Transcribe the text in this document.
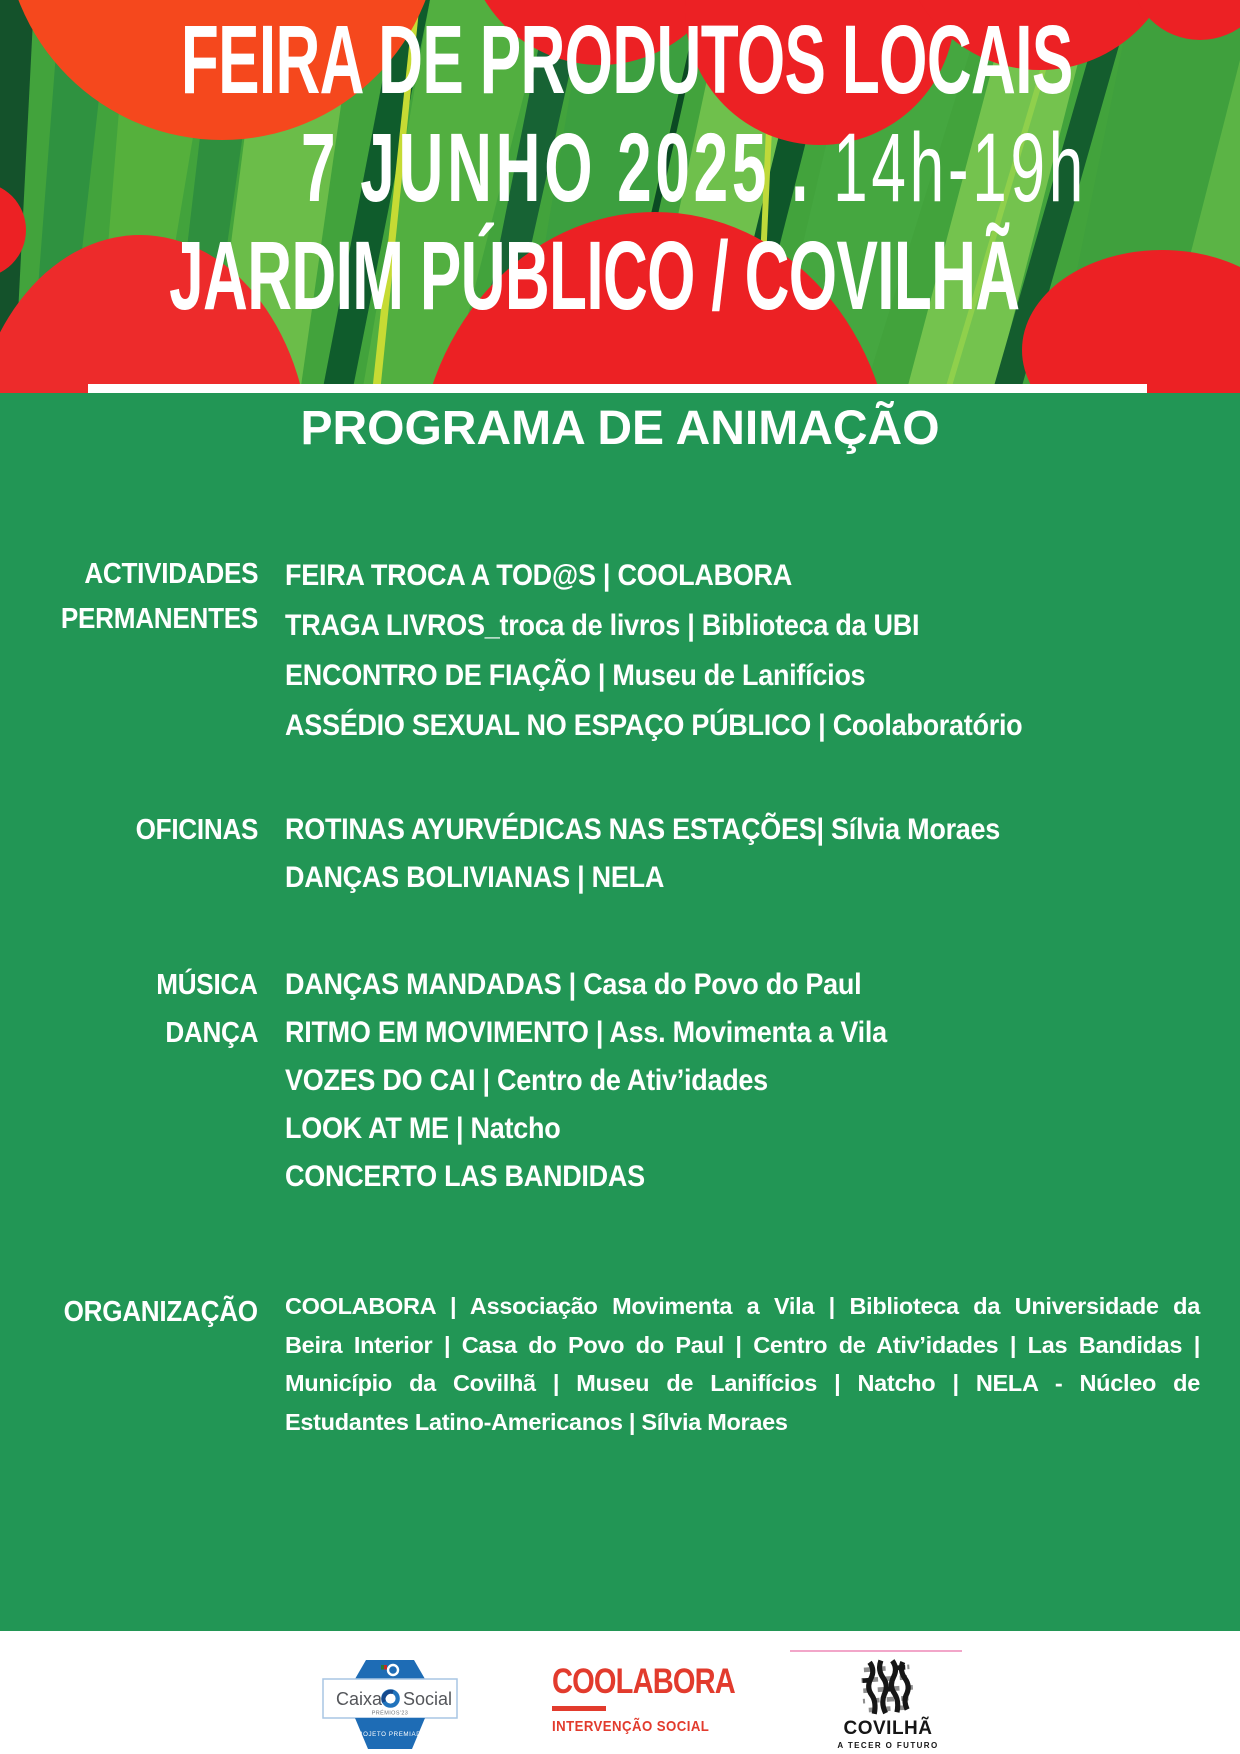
FEIRA DE PRODUTOS LOCAIS
7 JUNHO 2025 . 14h-19h
JARDIM PÚBLICO / COVILHÃ
PROGRAMA DE ANIMAÇÃO
ACTIVIDADES
PERMANENTES
FEIRA TROCA A TOD@S | COOLABORA
TRAGA LIVROS_troca de livros | Biblioteca da UBI
ENCONTRO DE FIAÇÃO | Museu de Lanifícios
ASSÉDIO SEXUAL NO ESPAÇO PÚBLICO | Coolaboratório
OFICINAS ROTINAS AYURVÉDICAS NAS ESTAÇÕES| Sílvia Moraes
DANÇAS BOLIVIANAS | NELA
MÚSICA
DANÇA
DANÇAS MANDADAS | Casa do Povo do Paul
RITMO EM MOVIMENTO | Ass. Movimenta a Vila
VOZES DO CAI | Centro de Ativ’idades
LOOK AT ME | Natcho
CONCERTO LAS BANDIDAS
ORGANIZAÇÃO COOLABORA | Associação Movimenta a Vila | Biblioteca da Universidade da
Beira Interior | Casa do Povo do Paul | Centro de Ativ’idades | Las Bandidas |
Município da Covilhã | Museu de Lanifícios | Natcho | NELA - Núcleo de
Estudantes Latino-Americanos | Sílvia Moraes
Caixa Social
PRÉMIOS'23
PROJETO PREMIADO
COOLABORA
INTERVENÇÃO SOCIAL	COVILHÃ
A TECER O FUTURO
